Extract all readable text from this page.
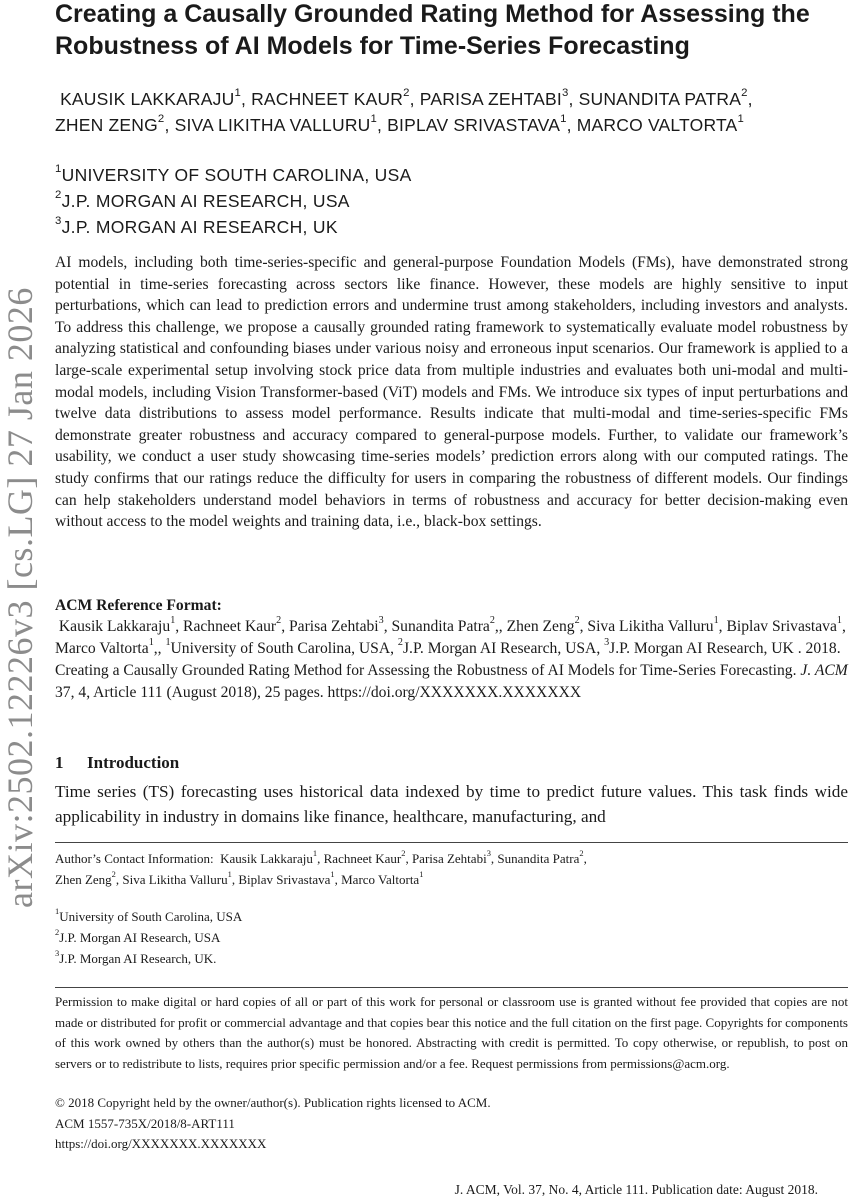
arXiv:2502.12226v3 [cs.LG] 27 Jan 2026
Creating a Causally Grounded Rating Method for Assessing the Robustness of AI Models for Time-Series Forecasting
KAUSIK LAKKARAJU$^1$, RACHNEET KAUR$^2$, PARISA ZEHTABI$^3$, SUNANDITA PATRA$^2$,
ZHEN ZENG$^2$, SIVA LIKITHA VALLURU$^1$, BIPLAV SRIVASTAVA$^1$, MARCO VALTORTA$^1$
$^1$UNIVERSITY OF SOUTH CAROLINA, USA
$^2$J.P. MORGAN AI RESEARCH, USA
$^3$J.P. MORGAN AI RESEARCH, UK

AI models, including both time-series-specific and general-purpose Foundation Models (FMs), have demonstrated strong potential in time-series forecasting across sectors like finance. However, these models are highly sensitive to input perturbations, which can lead to prediction errors and undermine trust among stakeholders, including investors and analysts. To address this challenge, we propose a causally grounded rating framework to systematically evaluate model robustness by analyzing statistical and confounding biases under various noisy and erroneous input scenarios. Our framework is applied to a large-scale experimental setup involving stock price data from multiple industries and evaluates both uni-modal and multi-modal models, including Vision Transformer-based (ViT) models and FMs. We introduce six types of input perturbations and twelve data distributions to assess model performance. Results indicate that multi-modal and time-series-specific FMs demonstrate greater robustness and accuracy compared to general-purpose models. Further, to validate our framework’s usability, we conduct a user study showcasing time-series models’ prediction errors along with our computed ratings. The study confirms that our ratings reduce the difficulty for users in comparing the robustness of different models. Our findings can help stakeholders understand model behaviors in terms of robustness and accuracy for better decision-making even without access to the model weights and training data, i.e., black-box settings.

ACM Reference Format:

Kausik Lakkaraju$^1$, Rachneet Kaur$^2$, Parisa Zehtabi$^3$, Sunandita Patra$^2$,, Zhen Zeng$^2$, Siva Likitha Valluru$^1$, Biplav Srivastava$^1$, Marco Valtorta$^1$,, $^1$University of South Carolina, USA, $^2$J.P. Morgan AI Research, USA, $^3$J.P. Morgan AI Research, UK . 2018. Creating a Causally Grounded Rating Method for Assessing the Robustness of AI Models for Time-Series Forecasting. J. ACM 37, 4, Article 111 (August 2018), 25 pages. https://doi.org/XXXXXXX.XXXXXXX

1 Introduction

Time series (TS) forecasting uses historical data indexed by time to predict future values. This task finds wide applicability in industry in domains like finance, healthcare, manufacturing, and

Author’s Contact Information: Kausik Lakkaraju$^1$, Rachneet Kaur$^2$, Parisa Zehtabi$^3$, Sunandita Patra$^2$,
Zhen Zeng$^2$, Siva Likitha Valluru$^1$, Biplav Srivastava$^1$, Marco Valtorta$^1$

$^1$University of South Carolina, USA
$^2$J.P. Morgan AI Research, USA
$^3$J.P. Morgan AI Research, UK.

Permission to make digital or hard copies of all or part of this work for personal or classroom use is granted without fee provided that copies are not made or distributed for profit or commercial advantage and that copies bear this notice and the full citation on the first page. Copyrights for components of this work owned by others than the author(s) must be honored. Abstracting with credit is permitted. To copy otherwise, or republish, to post on servers or to redistribute to lists, requires prior specific permission and/or a fee. Request permissions from permissions@acm.org.

© 2018 Copyright held by the owner/author(s). Publication rights licensed to ACM.
ACM 1557-735X/2018/8-ART111
https://doi.org/XXXXXXX.XXXXXXX

J. ACM, Vol. 37, No. 4, Article 111. Publication date: August 2018.
